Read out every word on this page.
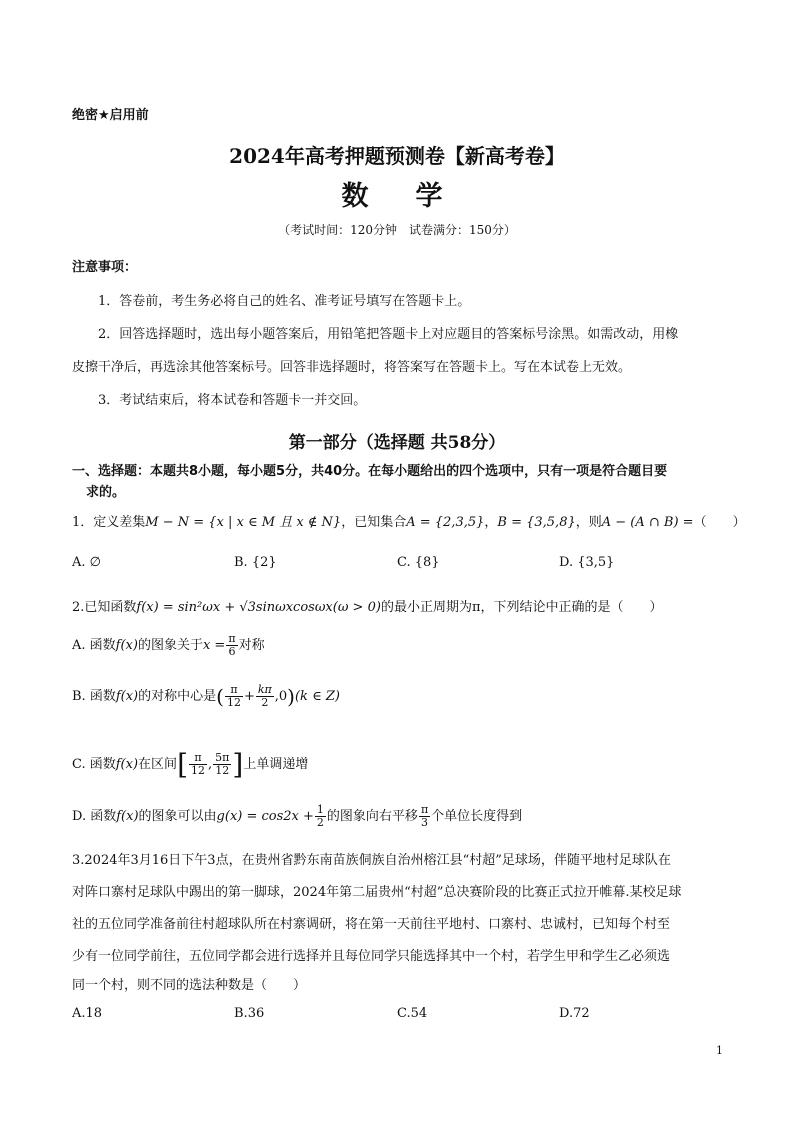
绝密★启用前
2024年高考押题预测卷【新高考卷】
数　学
（考试时间：120分钟　试卷满分：150分）
注意事项：
1．答卷前，考生务必将自己的姓名、准考证号填写在答题卡上。
2．回答选择题时，选出每小题答案后，用铅笔把答题卡上对应题目的答案标号涂黑。如需改动，用橡
皮擦干净后，再选涂其他答案标号。回答非选择题时，将答案写在答题卡上。写在本试卷上无效。
3．考试结束后，将本试卷和答题卡一并交回。
第一部分（选择题 共58分）
一、选择题：本题共8小题，每小题5分，共40分。在每小题给出的四个选项中，只有一项是符合题目要
求的。
1．定义差集M − N = {x | x ∈ M 且 x ∉ N}，已知集合A = {2,3,5}，B = {3,5,8}，则A − (A ∩ B) =（　　）
A. ∅	B. {2}	C. {8}	D. {3,5}
2.已知函数f(x) = sin²ωx + √3sinωxcosωx(ω > 0)的最小正周期为π，下列结论中正确的是（　　）
A. 函数f(x)的图象关于$x = \frac{\pi}{6}$ 对称
B. 函数f(x)的对称中心是( $\frac{\pi}{12} + \frac{k\pi}{2} ,0)(k$ ∈ Z)
C. 函数f(x)在区间[ $\frac{\pi}{12}$ , $\frac{5\pi}{12}$ ]上单调递增
D. 函数f(x)的图象可以由$g(x) = \cos 2x + \frac{1}{2}$ 的图象向右平移 $\frac{\pi}{3}$ 个单位长度得到
3.2024年3月16日下午3点，在贵州省黔东南苗族侗族自治州榕江县“村超”足球场，伴随平地村足球队在
对阵口寨村足球队中踢出的第一脚球，2024年第二届贵州“村超”总决赛阶段的比赛正式拉开帷幕.某校足球
社的五位同学准备前往村超球队所在村寨调研，将在第一天前往平地村、口寨村、忠诚村，已知每个村至
少有一位同学前往，五位同学都会进行选择并且每位同学只能选择其中一个村，若学生甲和学生乙必须选
同一个村，则不同的选法种数是（　　）
A.18	B.36	C.54	D.72
1
